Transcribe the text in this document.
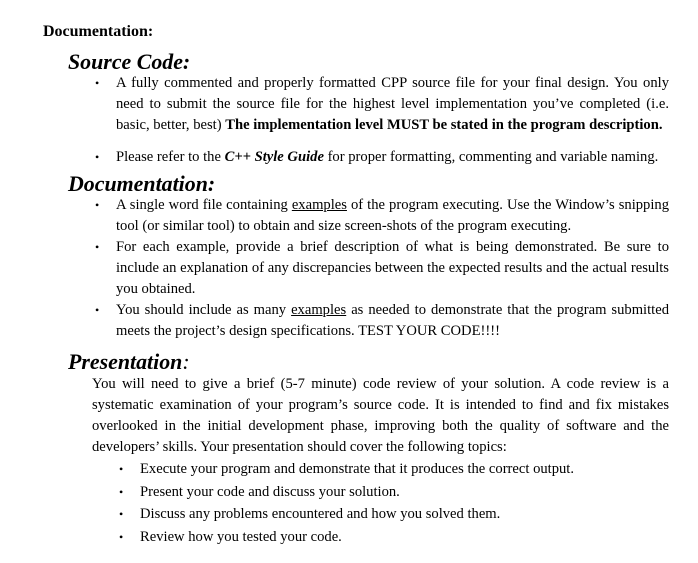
Documentation:
Source Code:
• A fully commented and properly formatted CPP source file for your final design. You only need to submit the source file for the highest level implementation you’ve completed (i.e. basic, better, best) The implementation level MUST be stated in the program description.
• Please refer to the C++ Style Guide for proper formatting, commenting and variable naming.
Documentation:
• A single word file containing examples of the program executing. Use the Window’s snipping tool (or similar tool) to obtain and size screen-shots of the program executing.
• For each example, provide a brief description of what is being demonstrated. Be sure to include an explanation of any discrepancies between the expected results and the actual results you obtained.
• You should include as many examples as needed to demonstrate that the program submitted meets the project’s design specifications. TEST YOUR CODE!!!!
Presentation:

You will need to give a brief (5-7 minute) code review of your solution. A code review is a systematic examination of your program’s source code. It is intended to find and fix mistakes overlooked in the initial development phase, improving both the quality of software and the developers’ skills. Your presentation should cover the following topics:

• Execute your program and demonstrate that it produces the correct output.
• Present your code and discuss your solution.
• Discuss any problems encountered and how you solved them.
• Review how you tested your code.
